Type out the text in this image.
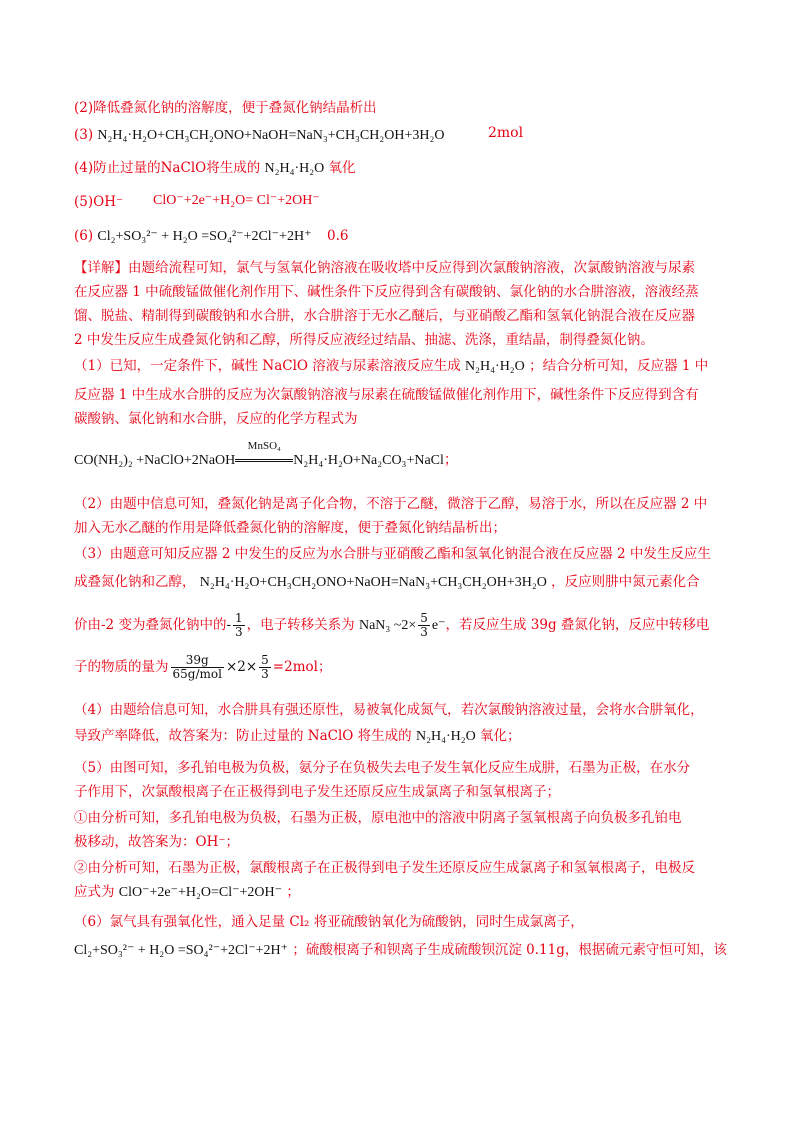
(2)降低叠氮化钠的溶解度，便于叠氮化钠结晶析出
(3) N₂H₄·H₂O+CH₃CH₂ONO+NaOH=NaN₃+CH₃CH₂OH+3H₂O	2mol
(4)防止过量的NaClO将生成的 N₂H₄·H₂O 氧化
(5)OH⁻ ClO⁻+2e⁻+H₂O= Cl⁻+2OH⁻
(6) Cl₂+SO₃²⁻ + H₂O =SO₄²⁻+2Cl⁻+2H⁺ 0.6
【详解】由题给流程可知，氯气与氢氧化钠溶液在吸收塔中反应得到次氯酸钠溶液，次氯酸钠溶液与尿素
在反应器 1 中硫酸锰做催化剂作用下、碱性条件下反应得到含有碳酸钠、氯化钠的水合肼溶液，溶液经蒸
馏、脱盐、精制得到碳酸钠和水合肼，水合肼溶于无水乙醚后，与亚硝酸乙酯和氢氧化钠混合液在反应器
2 中发生反应生成叠氮化钠和乙醇，所得反应液经过结晶、抽滤、洗涤，重结晶，制得叠氮化钠。
（1）已知，一定条件下，碱性 NaClO 溶液与尿素溶液反应生成 N₂H₄·H₂O ；结合分析可知，反应器 1 中
反应器 1 中生成水合肼的反应为次氯酸钠溶液与尿素在硫酸锰做催化剂作用下，碱性条件下反应得到含有
碳酸钠、氯化钠和水合肼，反应的化学方程式为
CO(NH₂)₂ +NaClO+2NaOH
MnSO₄
N₂H₄·H₂O+Na₂CO₃+NaCl；
（2）由题中信息可知，叠氮化钠是离子化合物，不溶于乙醚，微溶于乙醇，易溶于水，所以在反应器 2 中
加入无水乙醚的作用是降低叠氮化钠的溶解度，便于叠氮化钠结晶析出；
（3）由题意可知反应器 2 中发生的反应为水合肼与亚硝酸乙酯和氢氧化钠混合液在反应器 2 中发生反应生
成叠氮化钠和乙醇， N₂H₄·H₂O+CH₃CH₂ONO+NaOH=NaN₃+CH₃CH₂OH+3H₂O ，反应则肼中氮元素化合
价由-2 变为叠氮化钠中的- $\frac{1}{3}$ ，电子转移关系为 NaN₃ ~2× $\frac{5}{3} e^-$，若反应生成 39g 叠氮化钠，反应中转移电
子的物质的量为 $\frac{39g}{\text{65g/mol}} \times 2\times \frac{5}{3} =2mol$；
（4）由题给信息可知，水合肼具有强还原性，易被氧化成氮气，若次氯酸钠溶液过量，会将水合肼氧化，
导致产率降低，故答案为：防止过量的 NaClO 将生成的 N₂H₄·H₂O 氧化；
（5）由图可知，多孔铂电极为负极，氨分子在负极失去电子发生氧化反应生成肼，石墨为正极，在水分
子作用下，次氯酸根离子在正极得到电子发生还原反应生成氯离子和氢氧根离子；
①由分析可知，多孔铂电极为负极，石墨为正极，原电池中的溶液中阴离子氢氧根离子向负极多孔铂电
极移动，故答案为：OH⁻；
②由分析可知，石墨为正极，氯酸根离子在正极得到电子发生还原反应生成氯离子和氢氧根离子，电极反
应式为 ClO⁻+2e⁻+H₂O=Cl⁻+2OH⁻ ；
（6）氯气具有强氧化性，通入足量 Cl₂ 将亚硫酸钠氧化为硫酸钠，同时生成氯离子，
Cl₂+SO₃²⁻ + H₂O =SO₄²⁻+2Cl⁻+2H⁺ ；硫酸根离子和钡离子生成硫酸钡沉淀 0.11g，根据硫元素守恒可知，该
